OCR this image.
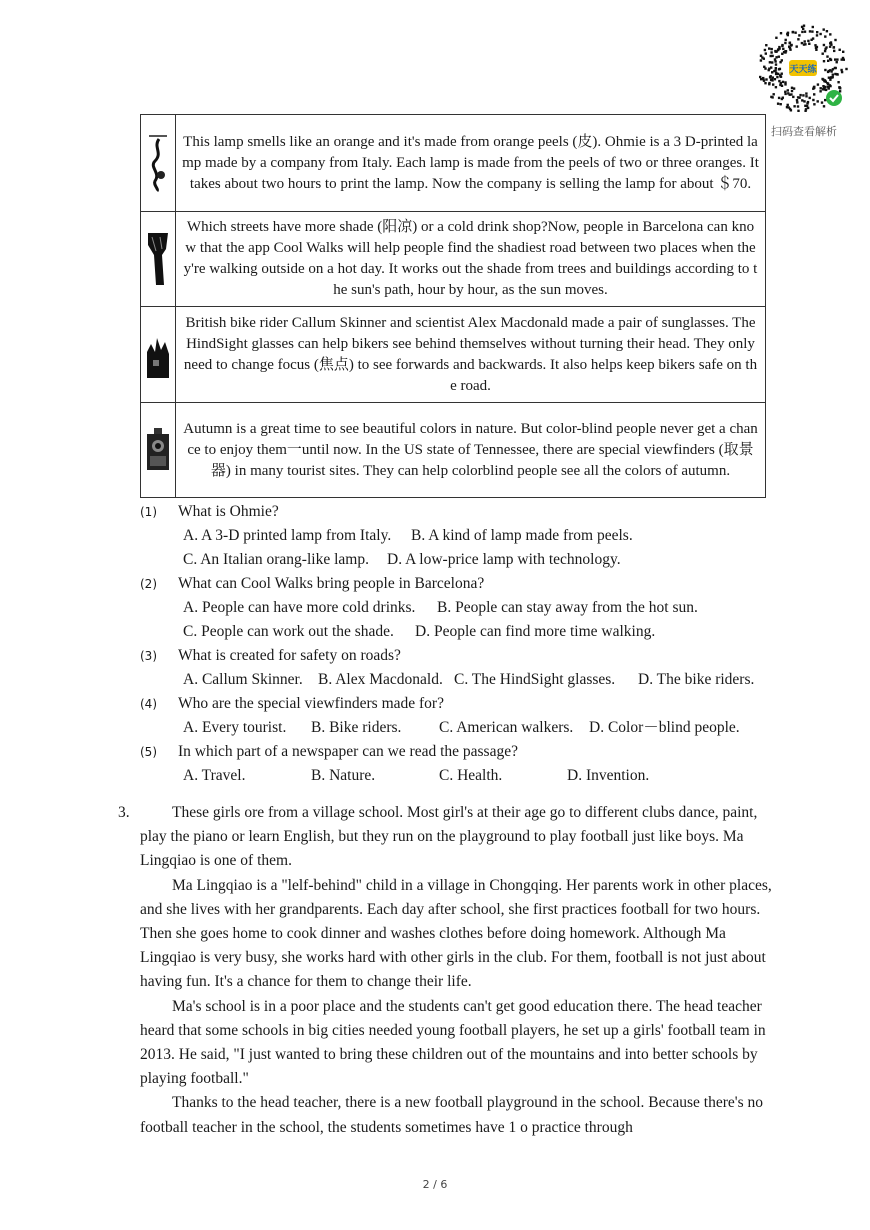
天天练
扫码查看解析
	This lamp smells like an orange and it's made from orange peels (皮). Ohmie is a 3 D-printed lamp made by a company from Italy. Each lamp is made from the peels of two or three oranges. It takes about two hours to print the lamp. Now the company is selling the lamp for about ＄70.

	Which streets have more shade (阳凉) or a cold drink shop?Now, people in Barcelona can know that the app Cool Walks will help people find the shadiest road between two places when they're walking outside on a hot day. It works out the shade from trees and buildings according to the sun's path, hour by hour, as the sun moves.

	British bike rider Callum Skinner and scientist Alex Macdonald made a pair of sunglasses. The HindSight glasses can help bikers see behind themselves without turning their head. They only need to change focus (焦点) to see forwards and backwards. It also helps keep bikers safe on the road.

	Autumn is a great time to see beautiful colors in nature. But color-blind people never get a chance to enjoy them一until now. In the US state of Tennessee, there are special viewfinders (取景器) in many tourist sites. They can help colorblind people see all the colors of autumn.
(1) What is Ohmie?
A. A 3-D printed lamp from Italy. B. A kind of lamp made from peels.
C. An Italian orang-like lamp. D. A low-price lamp with technology.
(2) What can Cool Walks bring people in Barcelona?
A. People can have more cold drinks. B. People can stay away from the hot sun.
C. People can work out the shade. D. People can find more time walking.
(3) What is created for safety on roads?
A. Callum Skinner. B. Alex Macdonald. C. The HindSight glasses. D. The bike riders.
(4) Who are the special viewfinders made for?
A. Every tourist. B. Bike riders. C. American walkers. D. Color－blind people.
(5) In which part of a newspaper can we read the passage?
A. Travel.	B. Nature.	C. Health.	D. Invention.
3.	These girls ore from a village school. Most girl's at their age go to different clubs dance, paint, play the piano or learn English, but they run on the playground to play football just like boys. Ma Lingqiao is one of them.

Ma Lingqiao is a "lelf-behind" child in a village in Chongqing. Her parents work in other places, and she lives with her grandparents. Each day after school, she first practices football for two hours. Then she goes home to cook dinner and washes clothes before doing homework. Although Ma Lingqiao is very busy, she works hard with other girls in the club. For them, football is not just about having fun. It's a chance for them to change their life.

Ma's school is in a poor place and the students can't get good education there. The head teacher heard that some schools in big cities needed young football players, he set up a girls' football team in 2013. He said, "I just wanted to bring these children out of the mountains and into better schools by playing football."

Thanks to the head teacher, there is a new football playground in the school. Because there's no football teacher in the school, the students sometimes have 1 o practice through

2 / 6
